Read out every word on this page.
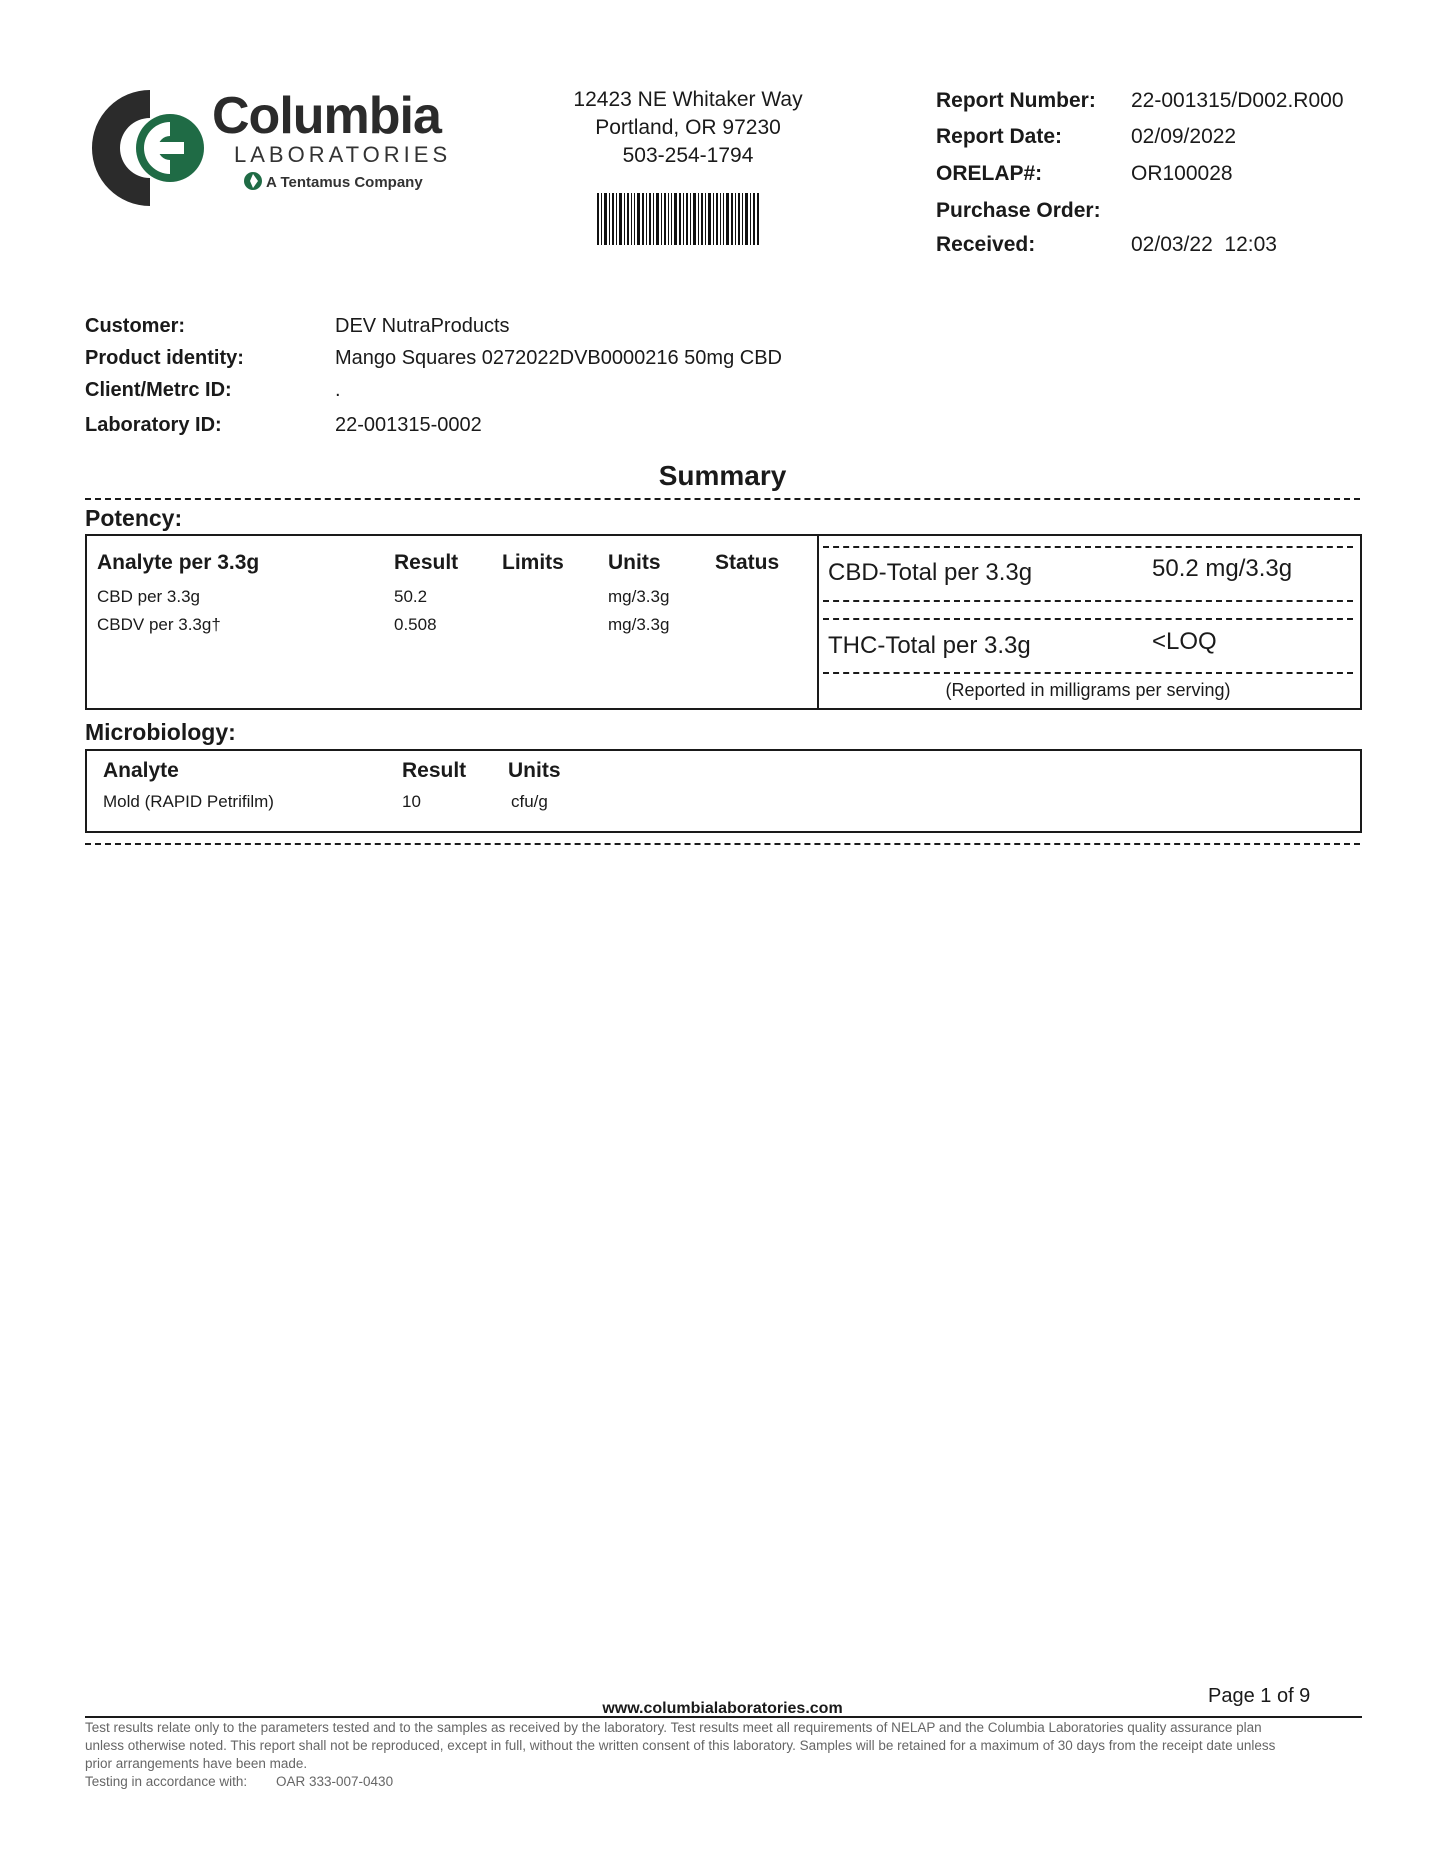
Columbia
LABORATORIES
A Tentamus Company
12423 NE Whitaker Way
Portland, OR 97230
503-254-1794
Report Number: 22-001315/D002.R000
Report Date:	02/09/2022
ORELAP#:	OR100028
Purchase Order:
Received:	02/03/22  12:03
Customer:	DEV NutraProducts
Product identity:	Mango Squares 0272022DVB0000216 50mg CBD
Client/Metrc ID:	.
Laboratory ID:	22-001315-0002
Summary
Potency:
Analyte per 3.3g	Result Limits Units	Status
CBD per 3.3g	50.2	mg/3.3g
CBDV per 3.3g†	0.508	mg/3.3g
CBD-Total per 3.3g	50.2 mg/3.3g
THC-Total per 3.3g	<LOQ
(Reported in milligrams per serving)
Microbiology:
Analyte	Result Units
Mold (RAPID Petrifilm)	10	cfu/g
Page 1 of 9
www.columbialaboratories.com
Test results relate only to the parameters tested and to the samples as received by the laboratory. Test results meet all requirements of NELAP and the Columbia Laboratories quality assurance plan
unless otherwise noted. This report shall not be reproduced, except in full, without the written consent of this laboratory. Samples will be retained for a maximum of 30 days from the receipt date unless
prior arrangements have been made.
Testing in accordance with:	OAR 333-007-0430
